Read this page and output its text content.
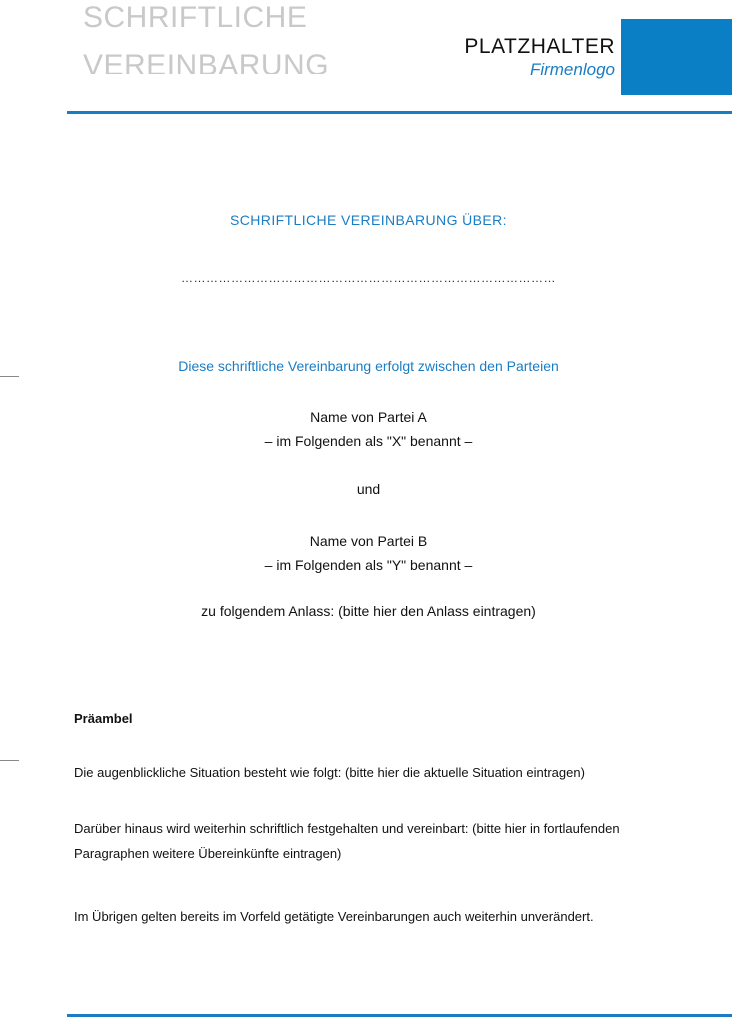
SCHRIFTLICHE
VEREINBARUNG
PLATZHALTER
Firmenlogo
SCHRIFTLICHE VEREINBARUNG ÜBER:
………………………………………………………………………………
Diese schriftliche Vereinbarung erfolgt zwischen den Parteien
Name von Partei A
– im Folgenden als "X" benannt –
und
Name von Partei B
– im Folgenden als "Y" benannt –
zu folgendem Anlass: (bitte hier den Anlass eintragen)
Präambel
Die augenblickliche Situation besteht wie folgt: (bitte hier die aktuelle Situation eintragen)
Darüber hinaus wird weiterhin schriftlich festgehalten und vereinbart: (bitte hier in fortlaufenden Paragraphen weitere Übereinkünfte eintragen)
Im Übrigen gelten bereits im Vorfeld getätigte Vereinbarungen auch weiterhin unverändert.
